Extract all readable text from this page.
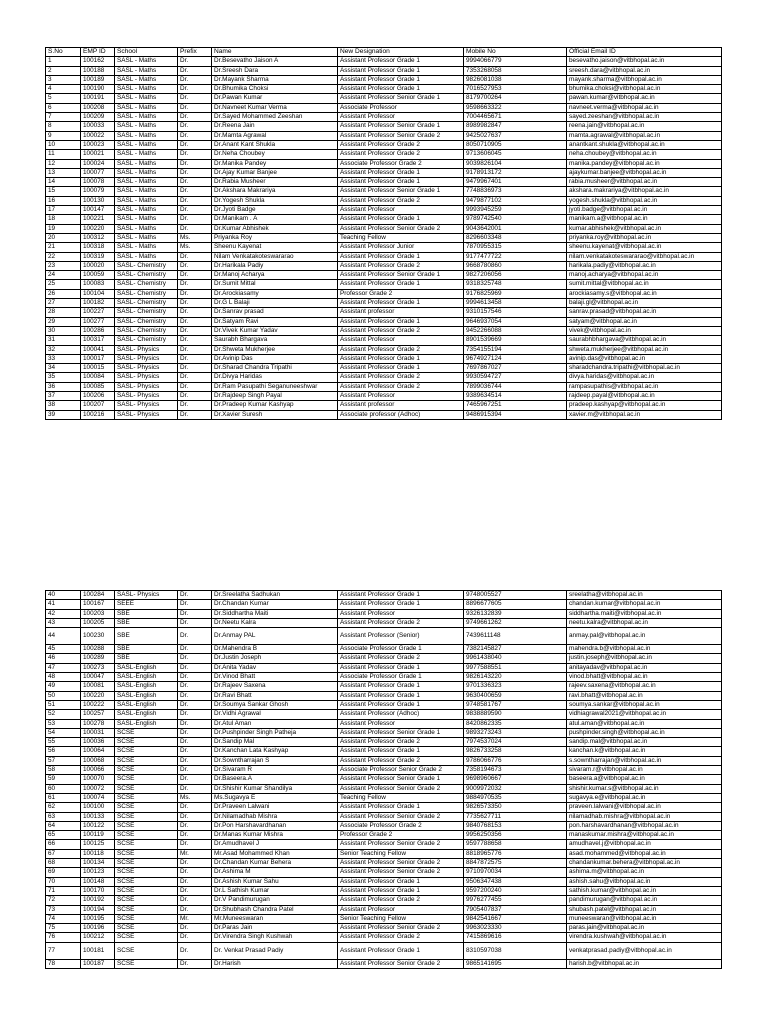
S.No	EMP ID	School	Prefix	Name	New Designation	Mobile No	Official Email ID
1	100162	SASL - Maths	Dr.	Dr.Besevatho Jaison A	Assistant Professor Grade 1	9994066779	besevatho.jaison@vitbhopal.ac.in
2	100188	SASL - Maths	Dr.	Dr.Sreesh Dara	Assistant Professor Grade 1	7353268058	sreesh.dara@vitbhopal.ac.in
3	100189	SASL - Maths	Dr.	Dr.Mayank Sharma	Assistant Professor Grade 1	9826081038	mayank.sharma@vitbhopal.ac.in
4	100190	SASL - Maths	Dr.	Dr.Bhumika Choksi	Assistant Professor Grade 1	7016527953	bhumika.choksi@vitbhopal.ac.in
5	100191	SASL - Maths	Dr.	Dr.Pawan Kumar	Assistant Professor Senior Grade 1	8179700264	pawan.kumar@vitbhopal.ac.in
6	100208	SASL - Maths	Dr.	Dr.Navneet Kumar Verma	Associate Professor	9598663322	navneet.verma@vitbhopal.ac.in
7	100209	SASL - Maths	Dr.	Dr.Sayed Mohammed Zeeshan	Assistant Professor	7004465671	sayed.zeeshan@vitbhopal.ac.in
8	100033	SASL - Maths	Dr.	Dr.Reena Jain	Assistant Professor Senior Grade 1	8989982847	reena.jain@vitbhopal.ac.in
9	100022	SASL - Maths	Dr.	Dr.Mamta Agrawal	Assistant Professor Senior Grade 2	9425027637	mamta.agrawal@vitbhopal.ac.in
10	100023	SASL - Maths	Dr.	Dr.Anant Kant Shukla	Assistant Professor Grade 2	8050710905	anantkant.shukla@vitbhopal.ac.in
11	100021	SASL - Maths	Dr.	Dr.Neha Choubey	Assistant Professor Grade 2	9713606045	neha.choubey@vitbhopal.ac.in
12	100024	SASL - Maths	Dr.	Dr.Manika Pandey	Associate Professor Grade 2	9039826104	manika.pandey@vitbhopal.ac.in
13	100077	SASL - Maths	Dr.	Dr.Ajay Kumar Banjee	Assistant Professor Grade 1	9178913172	ajaykumar.banjee@vitbhopal.ac.in
14	100078	SASL - Maths	Dr.	Dr.Rabia Musheer	Assistant Professor Grade 1	9479967401	rabia.musheer@vitbhopal.ac.in
15	100079	SASL - Maths	Dr.	Dr.Akshara Makrariya	Assistant Professor Senior Grade 1	7748836973	akshara.makrariya@vitbhopal.ac.in
16	100130	SASL - Maths	Dr.	Dr.Yogesh Shukla	Assistant Professor Grade 2	9479877102	yogesh.shukla@vitbhopal.ac.in
17	100147	SASL - Maths	Dr.	Dr.Jyoti Badge	Assistant Professor	9993945259	jyoti.badge@vitbhopal.ac.in
18	100221	SASL - Maths	Dr.	Dr.Manikam . A	Assistant Professor Grade 1	9789742540	manikam.a@vitbhopal.ac.in
19	100220	SASL - Maths	Dr.	Dr.Kumar Abhishek	Assistant Professor Senior Grade 2	9043642001	kumar.abhishek@vitbhopal.ac.in
20	100312	SASL - Maths	Ms.	Priyanka Roy	Teaching Fellow	8296603348	priyanka.roy@vitbhopal.ac.in
21	100318	SASL - Maths	Ms.	Sheenu Kayenat	Assistant Professor Junior	7870955315	sheenu.kayenat@vitbhopal.ac.in
22	100319	SASL - Maths	Dr.	Nilam Venkatakoteswararao	Assistant Professor Grade 1	9177477722	nilam.venkatakoteswararao@vitbhopal.ac.in
23	100020	SASL- Chemistry	Dr.	Dr.Harikala Padiy	Assistant Professor Grade 2	9668780860	harikala.padiy@vitbhopal.ac.in
24	100059	SASL- Chemistry	Dr.	Dr.Manoj Acharya	Assistant Professor Senior Grade 1	9827206056	manoj.acharya@vitbhopal.ac.in
25	100083	SASL- Chemistry	Dr.	Dr.Sumit Mittal	Assistant Professor Grade 1	9318325748	sumit.mittal@vitbhopal.ac.in
26	100104	SASL- Chemistry	Dr.	Dr.Arockiasamy	Professor Grade 2	9176825969	arockiasamy.s@vitbhopal.ac.in
27	100182	SASL- Chemistry	Dr.	Dr.G L Balaji	Assistant Professor Grade 1	9994613458	balaji.gl@vitbhopal.ac.in
28	100227	SASL- Chemistry	Dr.	Dr.Sanrav prasad	Assistant professor	9310157546	sanrav.prasad@vitbhopal.ac.in
29	100277	SASL- Chemistry	Dr.	Dr.Satyam Ravi	Assistant Professor Grade 1	9646937054	satyam@vitbhopal.ac.in
30	100286	SASL- Chemistry	Dr.	Dr.Vivek Kumar Yadav	Assistant Professor Grade 2	9452266088	vivek@vitbhopal.ac.in
31	100317	SASL- Chemistry	Dr.	Saurabh Bhargava	Assistant Professor	8901539669	saurabhbhargava@vitbhopal.ac.in
32	100041	SASL- Physics	Dr.	Dr.Shweta Mukherjee	Assistant Professor Grade 2	7354155194	shweta.mukherjee@vitbhopal.ac.in
33	100017	SASL- Physics	Dr.	Dr.Avinip Das	Assistant Professor Grade 1	9674927124	avinip.das@vitbhopal.ac.in
34	100015	SASL- Physics	Dr.	Dr.Sharad Chandra Tripathi	Assistant Professor Grade 1	7697867027	sharadchandra.tripathi@vitbhopal.ac.in
35	100084	SASL- Physics	Dr.	Dr.Divya Haridas	Assistant Professor Grade 2	9930594727	divya.haridas@vitbhopal.ac.in
36	100085	SASL- Physics	Dr.	Dr.Ram Pasupathi Seganuneeshwar	Assistant Professor Grade 2	7899036744	rampasupathis@vitbhopal.ac.in
37	100206	SASL- Physics	Dr.	Dr.Rajdeep Singh Payal	Assistant Professor	9389634514	rajdeep.payal@vitbhopal.ac.in
38	100207	SASL- Physics	Dr.	Dr.Pradeep Kumar Kashyap	Assistant professor	7465967251	pradeep.kashyap@vitbhopal.ac.in
39	100216	SASL- Physics	Dr.	Dr.Xavier Suresh	Associate professor (Adhoc)	9486915394	xavier.m@vitbhopal.ac.in
40	100284	SASL- Physics	Dr.	Dr.Sreelatha Sadhukan	Assistant Professor Grade 1	9748005527	sreelatha@vitbhopal.ac.in
41	100167	SEEE	Dr.	Dr.Chandan Kumar	Assistant Professor Grade 1	8896677605	chandan.kumar@vitbhopal.ac.in
42	100203	SBE	Dr.	Dr.Siddhartha Maiti	Assistant Professor	9326132839	siddhartha.maiti@vitbhopal.ac.in
43	100205	SBE	Dr.	Dr.Neetu Kalra	Assistant Professor Grade 2	9749661262	neetu.kalra@vitbhopal.ac.in
44	100230	SBE	Dr.	Dr.Anmay PAL	Assistant Professor (Senior)	7439611148	anmay.pal@vitbhopal.ac.in
45	100288	SBE	Dr.	Dr.Mahendra B	Associate Professor Grade 1	7382145827	mahendra.b@vitbhopal.ac.in
46	100289	SBE	Dr.	Dr.Justin Joseph	Assistant Professor Grade 2	9961438040	justin.joseph@vitbhopal.ac.in
47	100273	SASL-English	Dr.	Dr.Anita Yadav	Assistant Professor Grade 1	9977588551	anitayadav@vitbhopal.ac.in
48	100047	SASL-English	Dr.	Dr.Vinod Bhatt	Associate Professor Grade 1	9826143220	vinod.bhatt@vitbhopal.ac.in
49	100081	SASL-English	Dr.	Dr.Rajeev Saxena	Assistant Professor Grade 1	9701336323	rajeev.saxena@vitbhopal.ac.in
50	100220	SASL-English	Dr.	Dr.Ravi Bhatt	Assistant Professor Grade 1	9630400659	ravi.bhatt@vitbhopal.ac.in
51	100222	SASL-English	Dr.	Dr.Soumya Sankar Ghosh	Assistant Professor Grade 1	9748581767	soumya.sankar@vitbhopal.ac.in
52	100257	SASL-English	Dr.	Dr.Vidhi Agrawal	Assistant Professor (Adhoc)	9838889590	vidhiagrawal2021@vitbhopal.ac.in
53	100278	SASL-English	Dr.	Dr.Atul Aman	Assistant Professor	8420862335	atul.aman@vitbhopal.ac.in
54	100031	SCSE	Dr.	Dr.Pushpinder Singh Patheja	Assistant Professor Senior Grade 1	9893273243	pushpinder.singh@vitbhopal.ac.in
55	100036	SCSE	Dr.	Dr.Sandip Mal	Assistant Professor Grade 2	7974537024	sandip.mal@vitbhopal.ac.in
56	100064	SCSE	Dr.	Dr.Kanchan Lata Kashyap	Assistant Professor Grade 1	9826733258	kanchan.k@vitbhopal.ac.in
57	100068	SCSE	Dr.	Dr.Sowntharrajan S	Assistant Professor Grade 2	9786066776	s.sowntharrajan@vitbhopal.ac.in
58	100066	SCSE	Dr.	Dr.Sivaram R	Associate Professor Senior Grade 2	7358194673	sivaram.r@vitbhopal.ac.in
59	100070	SCSE	Dr.	Dr.Baseera.A	Assistant Professor Senior Grade 1	9698960667	baseera.a@vitbhopal.ac.in
60	100072	SCSE	Dr.	Dr.Shishir Kumar Shandilya	Assistant Professor Senior Grade 2	9009972032	shishir.kumar.s@vitbhopal.ac.in
61	100074	SCSE	Ms.	Ms.Sugavya E	Teaching Fellow	9884970535	sugavya.e@vitbhopal.ac.in
62	100100	SCSE	Dr.	Dr.Praveen Lalwani	Assistant Professor Grade 1	9826573350	praveen.lalwani@vitbhopal.ac.in
63	100133	SCSE	Dr.	Dr.Nilamadhab Mishra	Assistant Professor Senior Grade 2	7735627711	nilamadhab.mishra@vitbhopal.ac.in
64	100122	SCSE	Dr.	Dr.Pon Harshavardhanan	Associate Professor Grade 2	9840768153	pon.harshavardhanan@vitbhopal.ac.in
65	100119	SCSE	Dr.	Dr.Manas Kumar Mishra	Professor Grade 2	9956250356	manaskumar.mishra@vitbhopal.ac.in
66	100125	SCSE	Dr.	Dr.Amudhavel J	Assistant Professor Senior Grade 2	9597788658	amudhavel.j@vitbhopal.ac.in
67	100118	SCSE	Mr.	Mr.Asad Mohammed Khan	Senior Teaching Fellow	8818965776	asad.mohammed@vitbhopal.ac.in
68	100134	SCSE	Dr.	Dr.Chandan Kumar Behera	Assistant Professor Senior Grade 2	8847872575	chandankumar.behera@vitbhopal.ac.in
69	100123	SCSE	Dr.	Dr.Ashima M	Assistant Professor Senior Grade 2	9710970034	ashima.m@vitbhopal.ac.in
70	100148	SCSE	Dr.	Dr.Ashish Kumar Sahu	Assistant Professor Grade 1	9506347438	ashish.sahu@vitbhopal.ac.in
71	100170	SCSE	Dr.	Dr.L Sathish Kumar	Assistant Professor Grade 1	9597200240	sathish.kumar@vitbhopal.ac.in
72	100192	SCSE	Dr.	Dr.V Pandimurugan	Assistant Professor Grade 2	9976277455	pandimurugan@vitbhopal.ac.in
73	100194	SCSE	Dr.	Dr.Shubhash Chandra Patel	Assistant Professor	7905407837	shubash.patel@vitbhopal.ac.in
74	100195	SCSE	Mr.	Mr.Muneeswaran	Senior Teaching Fellow	9842541667	muneeswaran@vitbhopal.ac.in
75	100196	SCSE	Dr.	Dr.Paras Jain	Assistant Professor Senior Grade 2	9963023330	paras.jain@vitbhopal.ac.in
76	100212	SCSE	Dr.	Dr.Virendra Singh Kushwah	Assistant Professor Grade 2	7415869616	virendra.kushwah@vitbhopal.ac.in
77	100181	SCSE	Dr.	Dr. Venkat Prasad Padiy	Assistant Professor Grade 1	8310597038	venkatprasad.padiy@vitbhopal.ac.in
78	100187	SCSE	Dr.	Dr.Harish	Assistant Professor Senior Grade 2	9865141695	harish.b@vitbhopal.ac.in
